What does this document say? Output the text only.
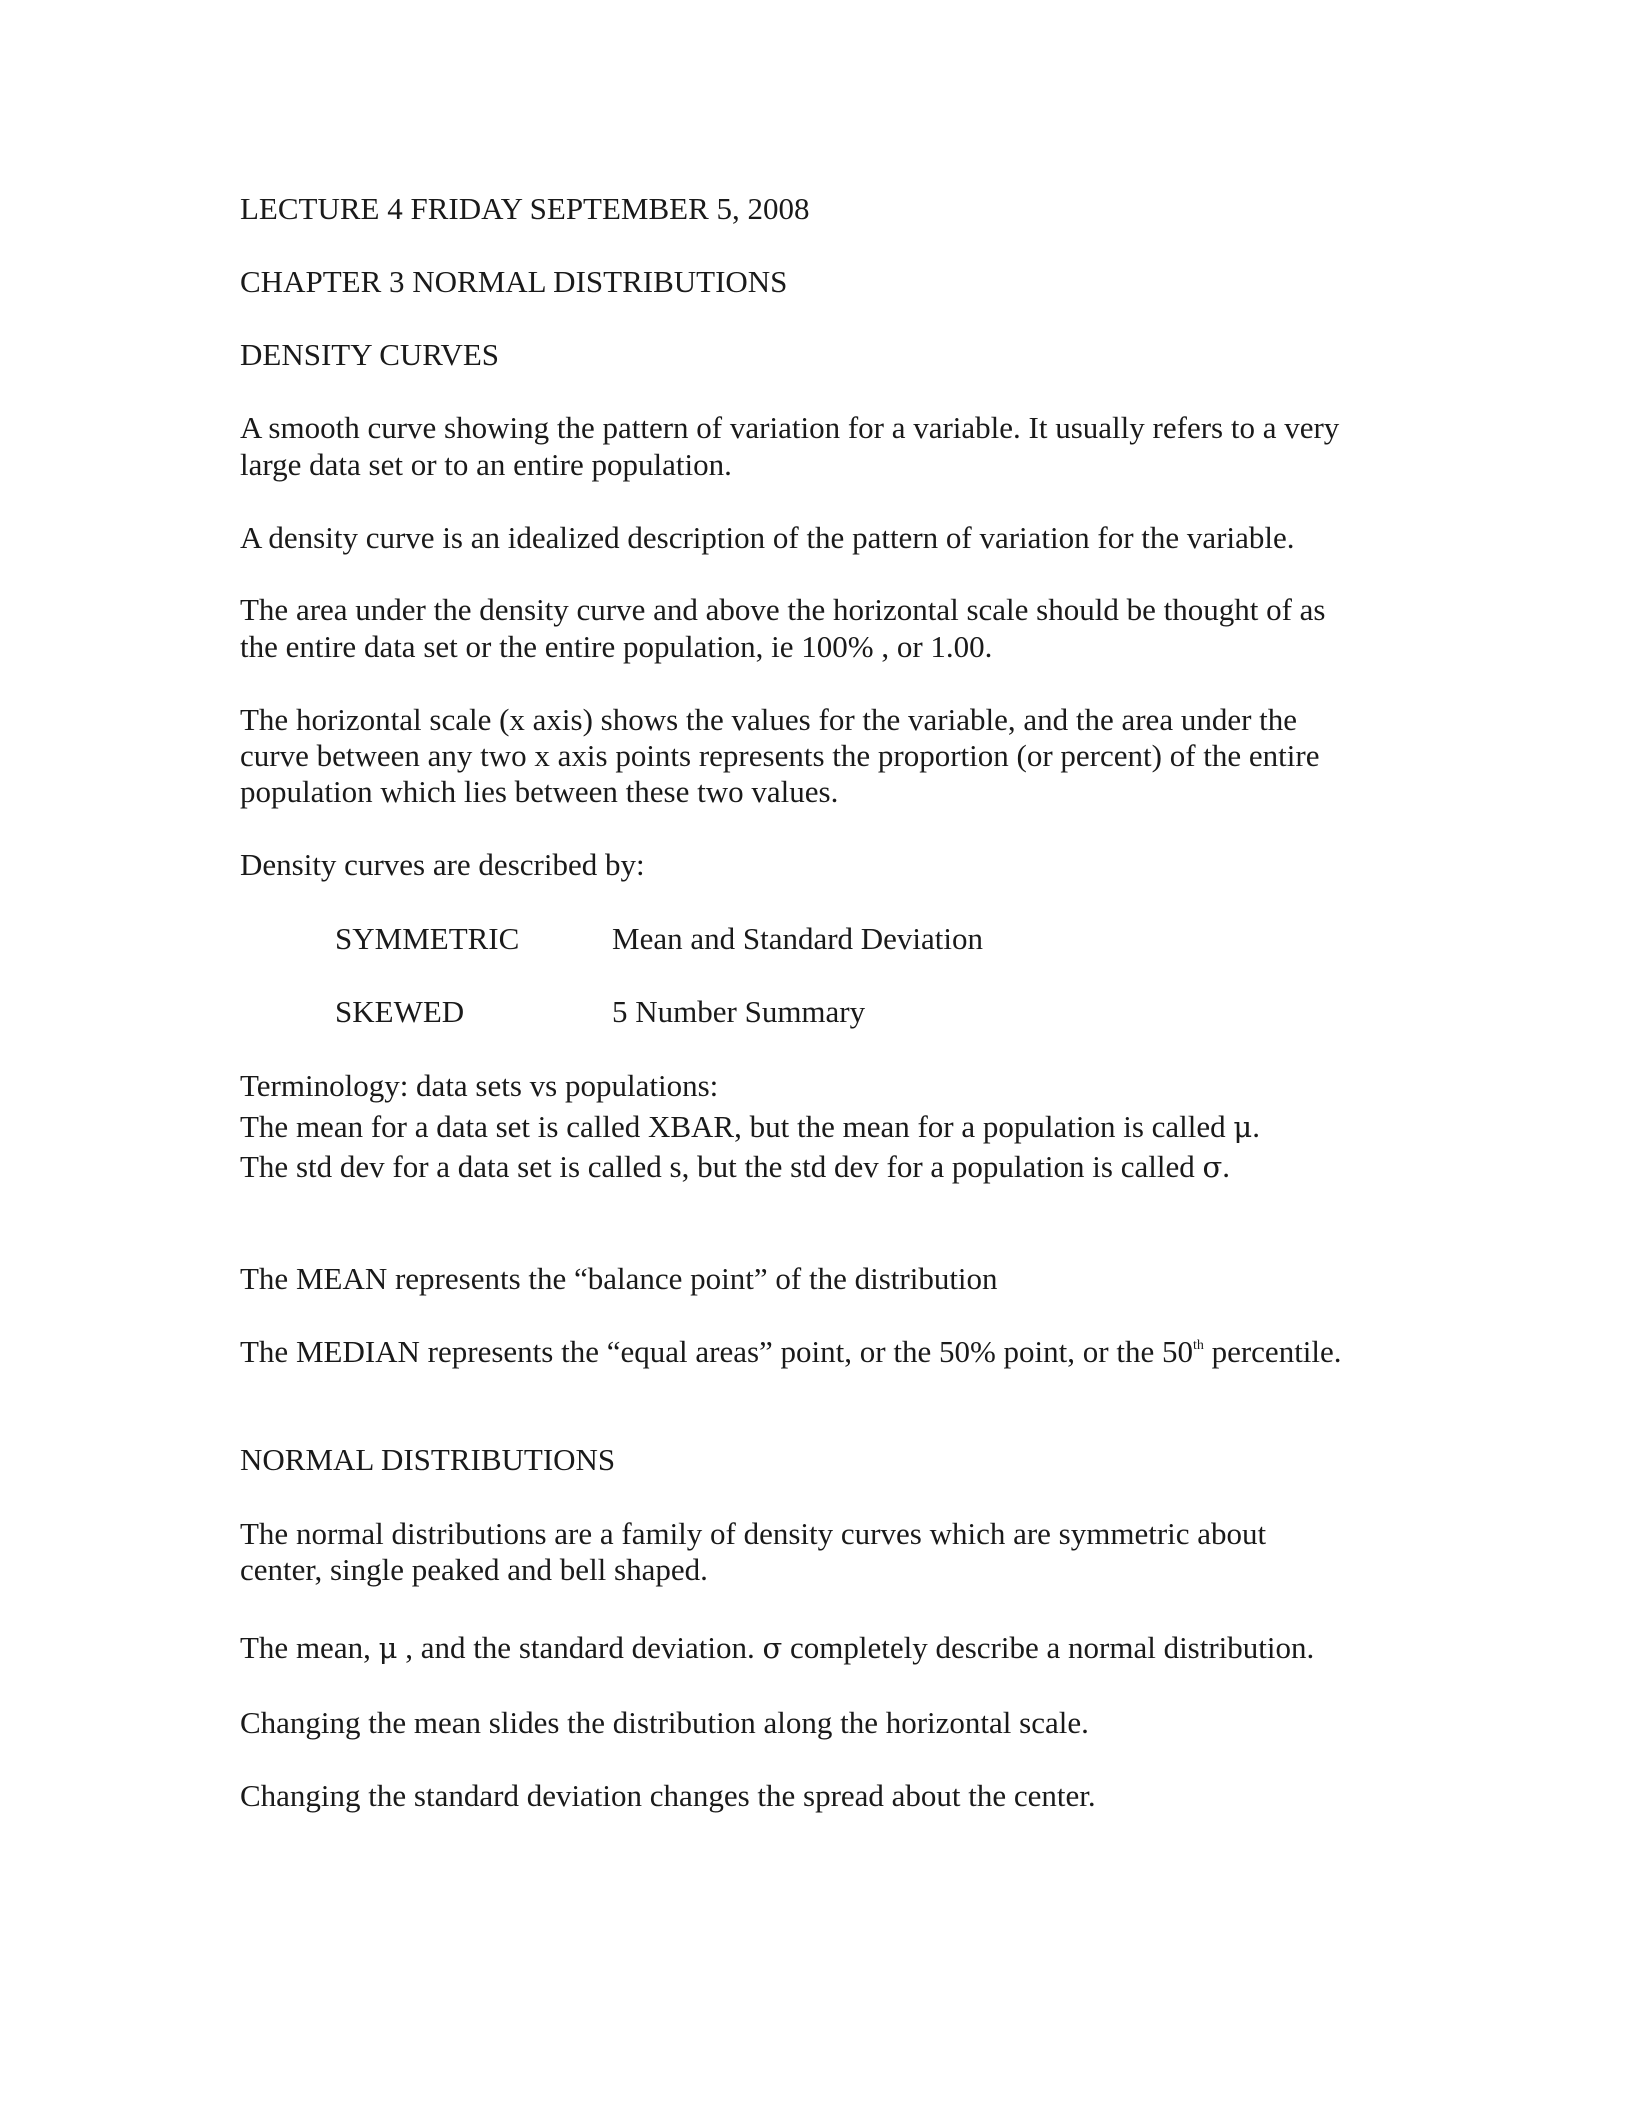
LECTURE 4 FRIDAY SEPTEMBER 5, 2008
CHAPTER 3 NORMAL DISTRIBUTIONS
DENSITY CURVES
A smooth curve showing the pattern of variation for a variable. It usually refers to a very
large data set or to an entire population.
A density curve is an idealized description of the pattern of variation for the variable.
The area under the density curve and above the horizontal scale should be thought of as
the entire data set or the entire population, ie 100% , or 1.00.
The horizontal scale (x axis) shows the values for the variable, and the area under the
curve between any two x axis points represents the proportion (or percent) of the entire
population which lies between these two values.
Density curves are described by:
SYMMETRIC	Mean and Standard Deviation
SKEWED	5 Number Summary
Terminology: data sets vs populations:
The mean for a data set is called XBAR, but the mean for a population is called μ.
The std dev for a data set is called s, but the std dev for a population is called σ.
The MEAN represents the “balance point” of the distribution
The MEDIAN represents the “equal areas” point, or the 50% point, or the 50th percentile.
NORMAL DISTRIBUTIONS
The normal distributions are a family of density curves which are symmetric about
center, single peaked and bell shaped.
The mean, μ , and the standard deviation. σ completely describe a normal distribution.
Changing the mean slides the distribution along the horizontal scale.
Changing the standard deviation changes the spread about the center.
